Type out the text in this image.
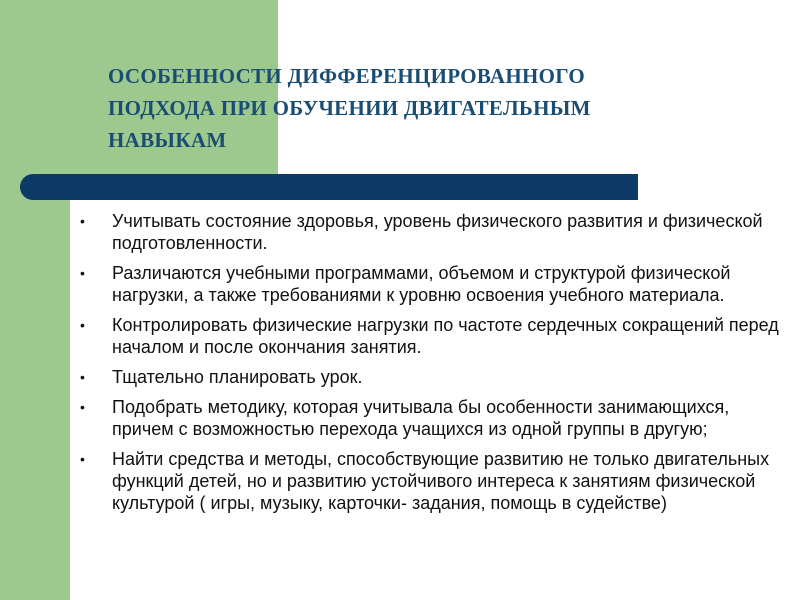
ОСОБЕННОСТИ ДИФФЕРЕНЦИРОВАННОГО
ПОДХОДА ПРИ ОБУЧЕНИИ ДВИГАТЕЛЬНЫМ
НАВЫКАМ
• Учитывать состояние здоровья, уровень физического развития и физической подготовленности.
• Различаются учебными программами, объемом и структурой физической нагрузки, а также требованиями к уровню освоения учебного материала.
• Контролировать физические нагрузки по частоте сердечных сокращений перед началом и после окончания занятия.
• Тщательно планировать урок.
• Подобрать методику, которая учитывала бы особенности занимающихся, причем с возможностью перехода учащихся из одной группы в другую;
• Найти средства и методы, способствующие развитию не только двигательных функций детей, но и развитию устойчивого интереса к занятиям физической культурой ( игры, музыку, карточки- задания, помощь в судействе)
